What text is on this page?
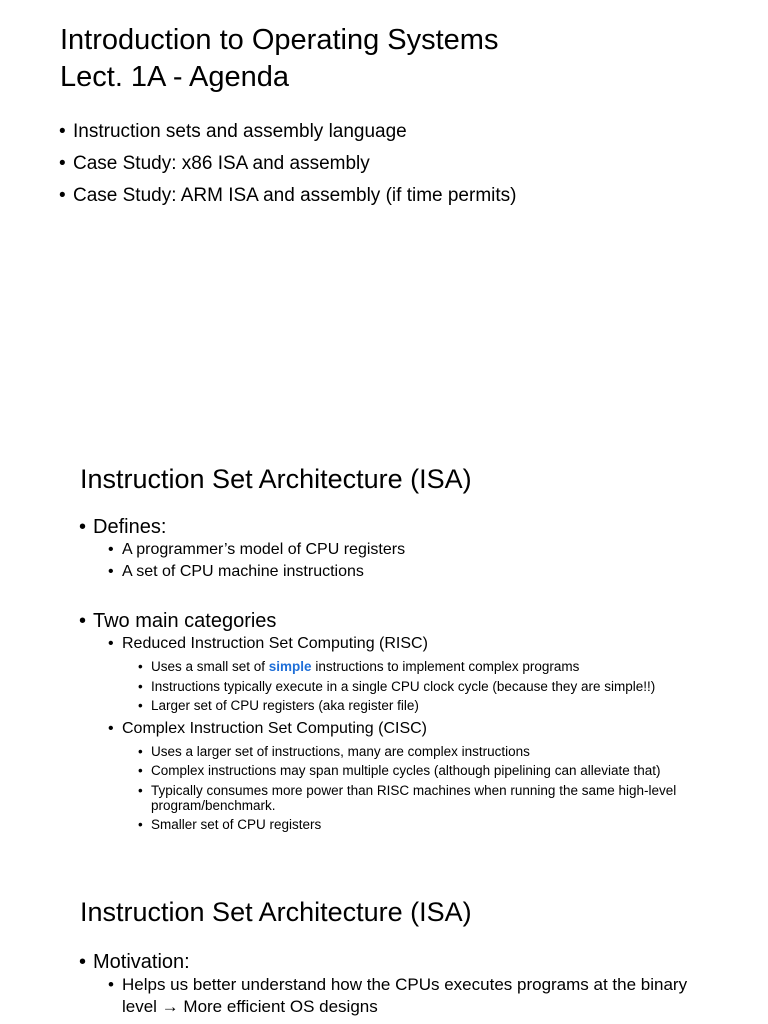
Introduction to Operating Systems
Lect. 1A - Agenda
• Instruction sets and assembly language
• Case Study: x86 ISA and assembly
• Case Study: ARM ISA and assembly (if time permits)
Instruction Set Architecture (ISA)
• Defines:
• A programmer’s model of CPU registers
• A set of CPU machine instructions
• Two main categories
• Reduced Instruction Set Computing (RISC)
• Uses a small set of simple instructions to implement complex programs
• Instructions typically execute in a single CPU clock cycle (because they are simple!!)
• Larger set of CPU registers (aka register file)
• Complex Instruction Set Computing (CISC)
• Uses a larger set of instructions, many are complex instructions
• Complex instructions may span multiple cycles (although pipelining can alleviate that)
• Typically consumes more power than RISC machines when running the same high-level program/benchmark.
• Smaller set of CPU registers
Instruction Set Architecture (ISA)
• Motivation:
• Helps us better understand how the CPUs executes programs at the binary level → More efficient OS designs
